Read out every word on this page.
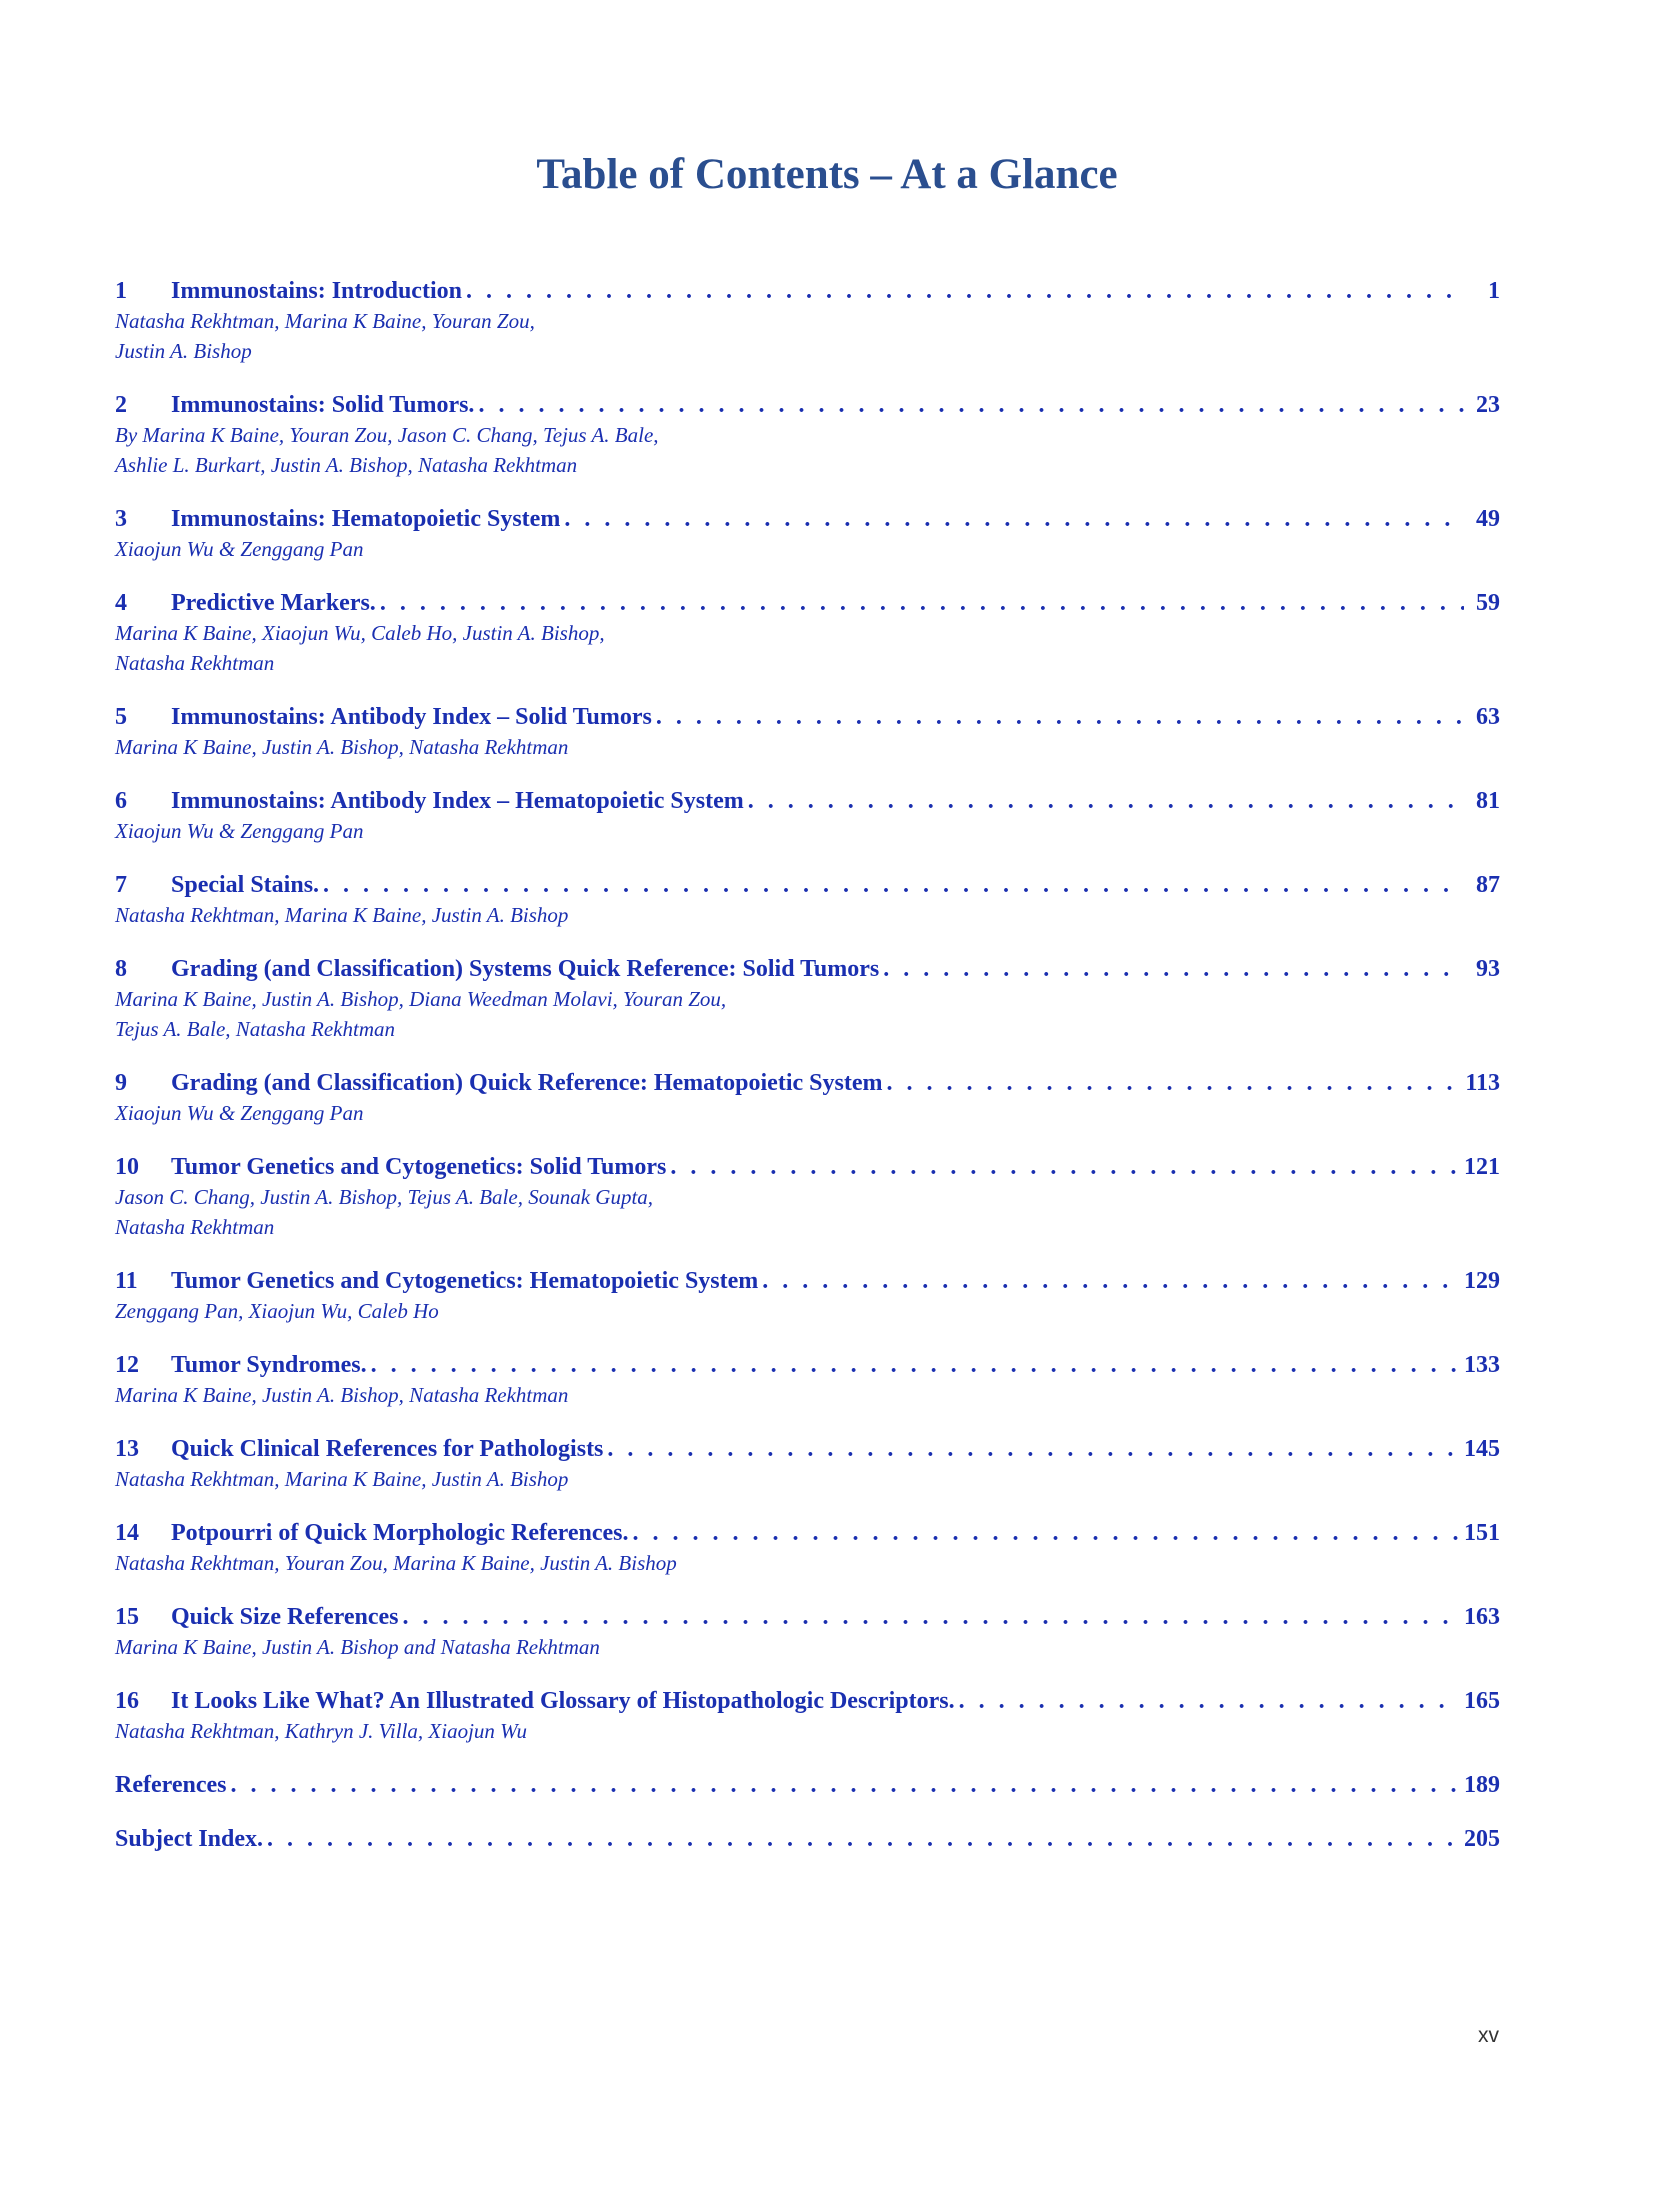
Table of Contents – At a Glance
1	Immunostains: Introduction . . .	1
Natasha Rekhtman, Marina K Baine, Youran Zou,
Justin A. Bishop
2	Immunostains: Solid Tumors. . . .	23
By Marina K Baine, Youran Zou, Jason C. Chang, Tejus A. Bale,
Ashlie L. Burkart, Justin A. Bishop, Natasha Rekhtman
3	Immunostains: Hematopoietic System . . .	49
Xiaojun Wu & Zenggang Pan
4	Predictive Markers. . . .	59
Marina K Baine, Xiaojun Wu, Caleb Ho, Justin A. Bishop,
Natasha Rekhtman
5	Immunostains: Antibody Index – Solid Tumors . . .	63
Marina K Baine, Justin A. Bishop, Natasha Rekhtman
6	Immunostains: Antibody Index – Hematopoietic System . . .	81
Xiaojun Wu & Zenggang Pan
7	Special Stains. . . .	87
Natasha Rekhtman, Marina K Baine, Justin A. Bishop
8	Grading (and Classification) Systems Quick Reference: Solid Tumors . . .	93
Marina K Baine, Justin A. Bishop, Diana Weedman Molavi, Youran Zou,
Tejus A. Bale, Natasha Rekhtman
9	Grading (and Classification) Quick Reference: Hematopoietic System . . .	113
Xiaojun Wu & Zenggang Pan
10	Tumor Genetics and Cytogenetics: Solid Tumors . . .	121
Jason C. Chang, Justin A. Bishop, Tejus A. Bale, Sounak Gupta,
Natasha Rekhtman
11	Tumor Genetics and Cytogenetics: Hematopoietic System . . .	129
Zenggang Pan, Xiaojun Wu, Caleb Ho
12	Tumor Syndromes. . . .	133
Marina K Baine, Justin A. Bishop, Natasha Rekhtman
13	Quick Clinical References for Pathologists . . .	145
Natasha Rekhtman, Marina K Baine, Justin A. Bishop
14	Potpourri of Quick Morphologic References. . . .	151
Natasha Rekhtman, Youran Zou, Marina K Baine, Justin A. Bishop
15	Quick Size References . . .	163
Marina K Baine, Justin A. Bishop and Natasha Rekhtman
16	It Looks Like What? An Illustrated Glossary of Histopathologic Descriptors. . . .	165
Natasha Rekhtman, Kathryn J. Villa, Xiaojun Wu
References . . .	189
Subject Index. . . .	205
xv
